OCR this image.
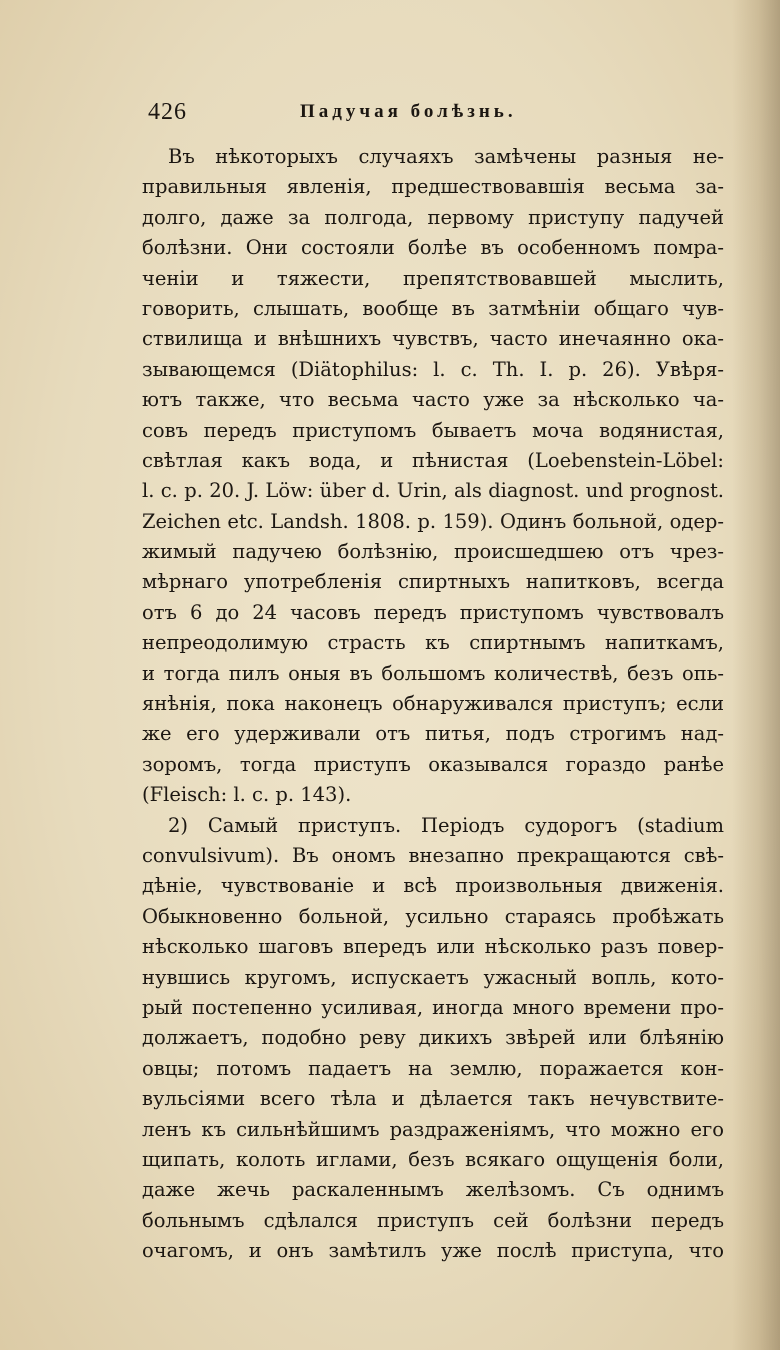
426	Падучая болѣзнь.
Въ нѣкоторыхъ случаяхъ замѣчены разныя не-
правильныя явленія, предшествовавшія весьма за-
долго, даже за полгода, первому приступу падучей
болѣзни. Они состояли болѣе въ особенномъ помра-
ченіи и тяжести, препятствовавшей мыслить,
говорить, слышать, вообще въ затмѣніи общаго чув-
ствилища и внѣшнихъ чувствъ, часто инечаянно ока-
зывающемся (Diätophilus: l. c. Th. I. p. 26). Увѣря-
ютъ также, что весьма часто уже за нѣсколько ча-
совъ передъ приступомъ бываетъ моча водянистая,
свѣтлая какъ вода, и пѣнистая (Loebenstein-Löbel:
l. c. p. 20. J. Löw: über d. Urin, als diagnost. und prognost.
Zeichen etc. Landsh. 1808. p. 159). Одинъ больной, одер-
жимый падучею болѣзнію, происшедшею отъ чрез-
мѣрнаго употребленія спиртныхъ напитковъ, всегда
отъ 6 до 24 часовъ передъ приступомъ чувствовалъ
непреодолимую страсть къ спиртнымъ напиткамъ,
и тогда пилъ оныя въ большомъ количествѣ, безъ опь-
янѣнія, пока наконецъ обнаруживался приступъ; если
же его удерживали отъ питья, подъ строгимъ над-
зоромъ, тогда приступъ оказывался гораздо ранѣе
(Fleisch: l. c. p. 143).
2) Самый приступъ. Періодъ судорогъ (stadium
convulsivum). Въ ономъ внезапно прекращаются свѣ-
дѣніе, чувствованіе и всѣ произвольныя движенія.
Обыкновенно больной, усильно стараясь пробѣжать
нѣсколько шаговъ впередъ или нѣсколько разъ повер-
нувшись кругомъ, испускаетъ ужасный вопль, кото-
рый постепенно усиливая, иногда много времени про-
должаетъ, подобно реву дикихъ звѣрей или блѣянію
овцы; потомъ падаетъ на землю, поражается кон-
вульсіями всего тѣла и дѣлается такъ нечувствите-
ленъ къ сильнѣйшимъ раздраженіямъ, что можно его
щипать, колоть иглами, безъ всякаго ощущенія боли,
даже жечь раскаленнымъ желѣзомъ. Съ однимъ
больнымъ сдѣлался приступъ сей болѣзни передъ
очагомъ, и онъ замѣтилъ уже послѣ приступа, что
